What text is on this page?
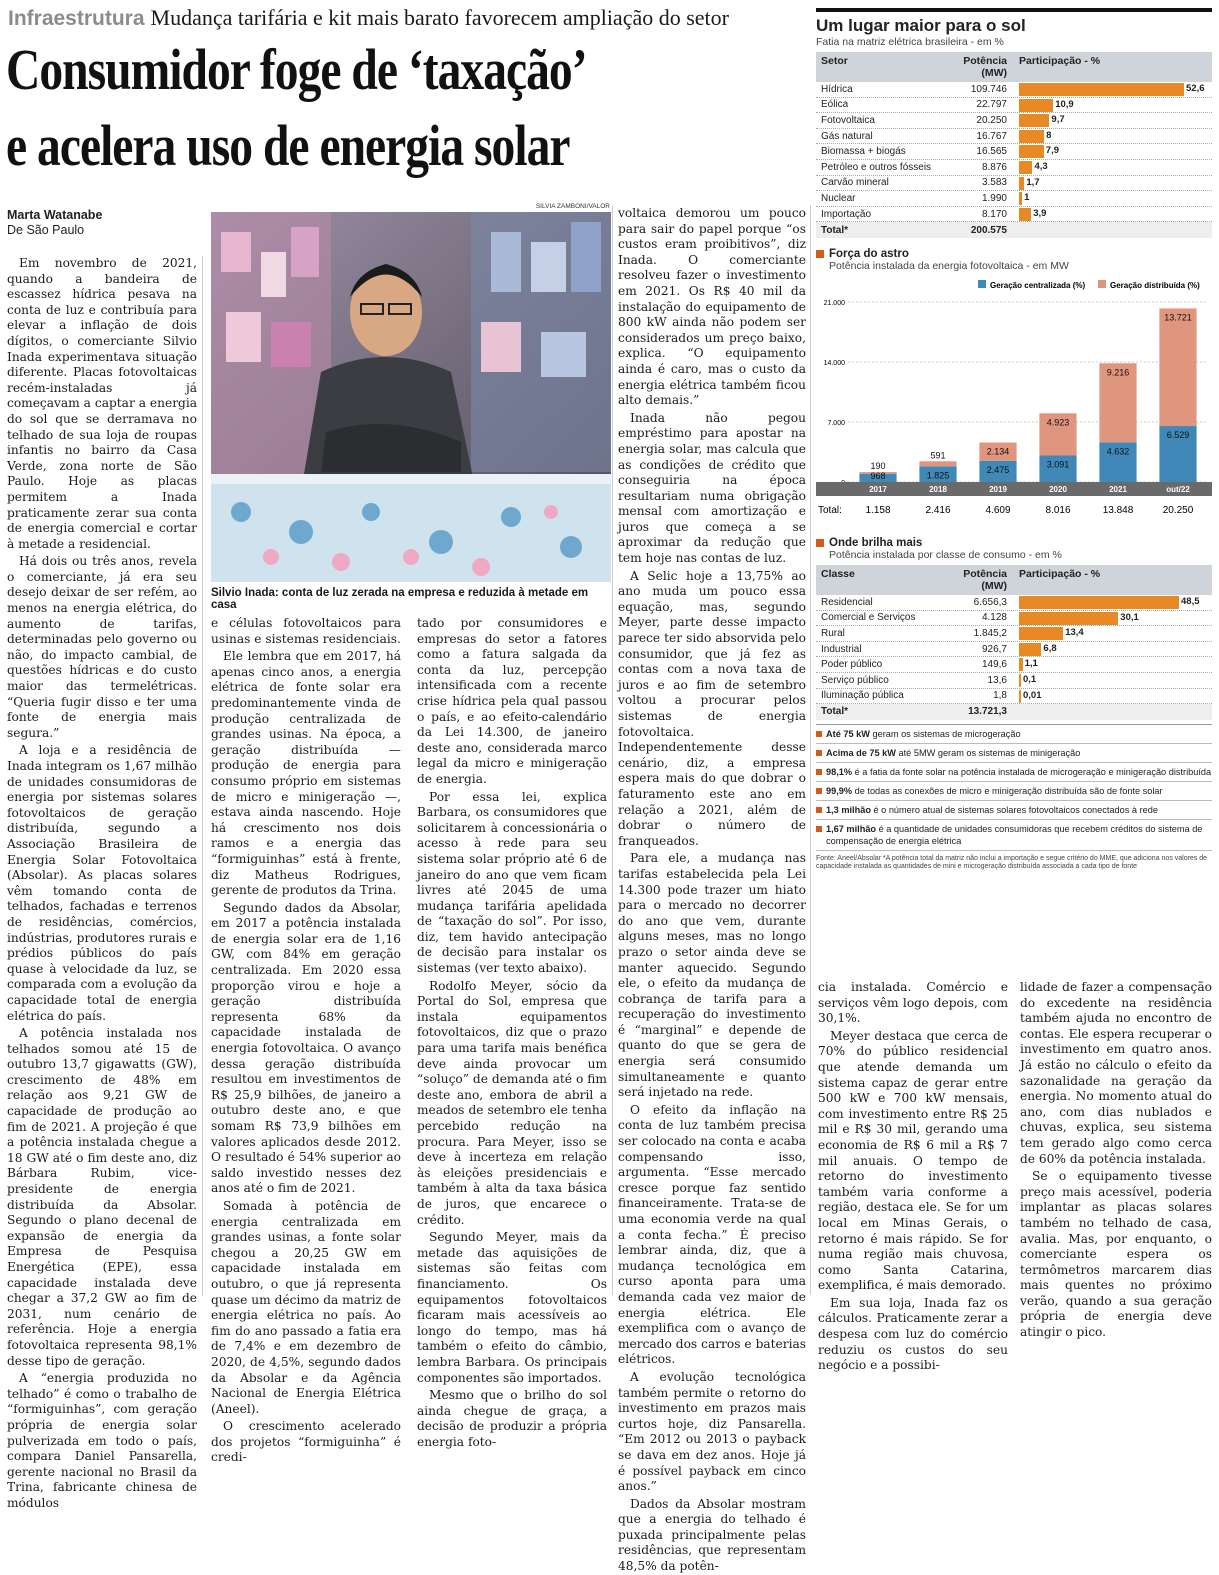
Infraestrutura Mudança tarifária e kit mais barato favorecem ampliação do setor
Consumidor foge de ‘taxação’
e acelera uso de energia solar
Marta Watanabe
De São Paulo
SILVIA ZAMBONI/VALOR
Silvio Inada: conta de luz zerada na empresa e reduzida à metade em casa

Em novembro de 2021, quando a bandeira de escassez hídrica pesava na conta de luz e contribuía para elevar a inflação de dois dígitos, o comerciante Silvio Inada experimentava situação diferente. Placas fotovoltaicas recém-instaladas já começavam a captar a energia do sol que se derramava no telhado de sua loja de roupas infantis no bairro da Casa Verde, zona norte de São Paulo. Hoje as placas permitem a Inada praticamente zerar sua conta de energia comercial e cortar à metade a residencial.

Há dois ou três anos, revela o comerciante, já era seu desejo deixar de ser refém, ao menos na energia elétrica, do aumento de tarifas, determinadas pelo governo ou não, do impacto cambial, de questões hídricas e do custo maior das termelétricas. “Queria fugir disso e ter uma fonte de energia mais segura.”

A loja e a residência de Inada integram os 1,67 milhão de unidades consumidoras de energia por sistemas solares fotovoltaicos de geração distribuída, segundo a Associação Brasileira de Energia Solar Fotovoltaica (Absolar). As placas solares vêm tomando conta de telhados, fachadas e terrenos de residências, comércios, indústrias, produtores rurais e prédios públicos do país quase à velocidade da luz, se comparada com a evolução da capacidade total de energia elétrica do país.

A potência instalada nos telhados somou até 15 de outubro 13,7 gigawatts (GW), crescimento de 48% em relação aos 9,21 GW de capacidade de produção ao fim de 2021. A projeção é que a potência instalada chegue a 18 GW até o fim deste ano, diz Bárbara Rubim, vice-presidente de energia distribuída da Absolar. Segundo o plano decenal de expansão de energia da Empresa de Pesquisa Energética (EPE), essa capacidade instalada deve chegar a 37,2 GW ao fim de 2031, num cenário de referência. Hoje a energia fotovoltaica representa 98,1% desse tipo de geração.

A “energia produzida no telhado” é como o trabalho de “formiguinhas”, com geração própria de energia solar pulverizada em todo o país, compara Daniel Pansarella, gerente nacional no Brasil da Trina, fabricante chinesa de módulos

e células fotovoltaicos para usinas e sistemas residenciais.

Ele lembra que em 2017, há apenas cinco anos, a energia elétrica de fonte solar era predominantemente vinda de produção centralizada de grandes usinas. Na época, a geração distribuída — produção de energia para consumo próprio em sistemas de micro e minigeração —, estava ainda nascendo. Hoje há crescimento nos dois ramos e a energia das “formiguinhas” está à frente, diz Matheus Rodrigues, gerente de produtos da Trina.

Segundo dados da Absolar, em 2017 a potência instalada de energia solar era de 1,16 GW, com 84% em geração centralizada. Em 2020 essa proporção virou e hoje a geração distribuída representa 68% da capacidade instalada de energia fotovoltaica. O avanço dessa geração distribuída resultou em investimentos de R$ 25,9 bilhões, de janeiro a outubro deste ano, e que somam R$ 73,9 bilhões em valores aplicados desde 2012. O resultado é 54% superior ao saldo investido nesses dez anos até o fim de 2021.

Somada à potência de energia centralizada em grandes usinas, a fonte solar chegou a 20,25 GW em capacidade instalada em outubro, o que já representa quase um décimo da matriz de energia elétrica no país. Ao fim do ano passado a fatia era de 7,4% e em dezembro de 2020, de 4,5%, segundo dados da Absolar e da Agência Nacional de Energia Elétrica (Aneel).

O crescimento acelerado dos projetos “formiguinha” é credi-

tado por consumidores e empresas do setor a fatores como a fatura salgada da conta da luz, percepção intensificada com a recente crise hídrica pela qual passou o país, e ao efeito-calendário da Lei 14.300, de janeiro deste ano, considerada marco legal da micro e minigeração de energia.

Por essa lei, explica Barbara, os consumidores que solicitarem à concessionária o acesso à rede para seu sistema solar próprio até 6 de janeiro do ano que vem ficam livres até 2045 de uma mudança tarifária apelidada de “taxação do sol”. Por isso, diz, tem havido antecipação de decisão para instalar os sistemas (ver texto abaixo).

Rodolfo Meyer, sócio da Portal do Sol, empresa que instala equipamentos fotovoltaicos, diz que o prazo para uma tarifa mais benéfica deve ainda provocar um “soluço” de demanda até o fim deste ano, embora de abril a meados de setembro ele tenha percebido redução na procura. Para Meyer, isso se deve à incerteza em relação às eleições presidenciais e também à alta da taxa básica de juros, que encarece o crédito.

Segundo Meyer, mais da metade das aquisições de sistemas são feitas com financiamento. Os equipamentos fotovoltaicos ficaram mais acessíveis ao longo do tempo, mas há também o efeito do câmbio, lembra Barbara. Os principais componentes são importados.

Mesmo que o brilho do sol ainda chegue de graça, a decisão de produzir a própria energia foto-

voltaica demorou um pouco para sair do papel porque “os custos eram proibitivos”, diz Inada. O comerciante resolveu fazer o investimento em 2021. Os R$ 40 mil da instalação do equipamento de 800 kW ainda não podem ser considerados um preço baixo, explica. “O equipamento ainda é caro, mas o custo da energia elétrica também ficou alto demais.”

Inada não pegou empréstimo para apostar na energia solar, mas calcula que as condições de crédito que conseguiria na época resultariam numa obrigação mensal com amortização e juros que começa a se aproximar da redução que tem hoje nas contas de luz.

A Selic hoje a 13,75% ao ano muda um pouco essa equação, mas, segundo Meyer, parte desse impacto parece ter sido absorvida pelo consumidor, que já fez as contas com a nova taxa de juros e ao fim de setembro voltou a procurar pelos sistemas de energia fotovoltaica. Independentemente desse cenário, diz, a empresa espera mais do que dobrar o faturamento este ano em relação a 2021, além de dobrar o número de franqueados.

Para ele, a mudança nas tarifas estabelecida pela Lei 14.300 pode trazer um hiato para o mercado no decorrer do ano que vem, durante alguns meses, mas no longo prazo o setor ainda deve se manter aquecido. Segundo ele, o efeito da mudança de cobrança de tarifa para a recuperação do investimento é “marginal” e depende de quanto do que se gera de energia será consumido simultaneamente e quanto será injetado na rede.

O efeito da inflação na conta de luz também precisa ser colocado na conta e acaba compensando isso, argumenta. “Esse mercado cresce porque faz sentido financeiramente. Trata-se de uma economia verde na qual a conta fecha.” É preciso lembrar ainda, diz, que a mudança tecnológica em curso aponta para uma demanda cada vez maior de energia elétrica. Ele exemplifica com o avanço de mercado dos carros e baterias elétricos.

A evolução tecnológica também permite o retorno do investimento em prazos mais curtos hoje, diz Pansarella. “Em 2012 ou 2013 o payback se dava em dez anos. Hoje já é possível payback em cinco anos.”

Dados da Absolar mostram que a energia do telhado é puxada principalmente pelas residências, que representam 48,5% da potên-

cia instalada. Comércio e serviços vêm logo depois, com 30,1%.

Meyer destaca que cerca de 70% do público residencial que atende demanda um sistema capaz de gerar entre 500 kW e 700 kW mensais, com investimento entre R$ 25 mil e R$ 30 mil, gerando uma economia de R$ 6 mil a R$ 7 mil anuais. O tempo de retorno do investimento também varia conforme a região, destaca ele. Se for um local em Minas Gerais, o retorno é mais rápido. Se for numa região mais chuvosa, como Santa Catarina, exemplifica, é mais demorado.

Em sua loja, Inada faz os cálculos. Praticamente zerar a despesa com luz do comércio reduziu os custos do seu negócio e a possibi-

lidade de fazer a compensação do excedente na residência também ajuda no encontro de contas. Ele espera recuperar o investimento em quatro anos. Já estão no cálculo o efeito da sazonalidade na geração da energia. No momento atual do ano, com dias nublados e chuvas, explica, seu sistema tem gerado algo como cerca de 60% da potência instalada.

Se o equipamento tivesse preço mais acessível, poderia implantar as placas solares também no telhado de casa, avalia. Mas, por enquanto, o comerciante espera os termômetros marcarem dias mais quentes no próximo verão, quando a sua geração própria de energia deve atingir o pico.

Um lugar maior para o sol
Fatia na matriz elétrica brasileira - em %
Setor	Potência (MW)
Participação - %
Hídrica	109.746	52,6
Eólica	22.797	10,9
Fotovoltaica	20.250	9,7
Gás natural	16.767	8
Biomassa + biogás	16.565	7,9
Petróleo e outros fósseis	8.876	4,3
Carvão mineral	3.583 1,7
Nuclear	1.990 1
Importação	8.170	3,9
Total*	200.575
Força do astro
Potência instalada da energia fotovoltaica - em MW
Geração centralizada (%)	Geração distribuída (%)
7.000
14.000
21.000
968
190
2017
1.158
1.825
591
2018
2.416
2.475
2.134
2019
4.609
3.091
4.923
2020
8.016
4.632
9.216
2021
13.848
6.529
13.721
out/22
20.250
Total:
Onde brilha mais
Potência instalada por classe de consumo - em %
Classe	Potência (MW)
Participação - %
Residencial	6.656,3	48,5
Comercial e Serviços	4.128	30,1
Rural	1.845,2	13,4
Industrial	926,7	6,8
Poder público	149,6 1,1
Serviço público	13,6 0,1
Iluminação pública	1,8 0,01
Total*	13.721,3
Até 75 kW geram os sistemas de microgeração
Acima de 75 kW até 5MW geram os sistemas de minigeração
98,1% é a fatia da fonte solar na potência instalada de microgeração e minigeração distribuída
99,9% de todas as conexões de micro e minigeração distribuída são de fonte solar
1,3 milhão é o número atual de sistemas solares fotovoltaicos conectados à rede
1,67 milhão é a quantidade de unidades consumidoras que recebem créditos do sistema de compensação de energia elétrica
Fonte: Aneel/Absolar *A potência total da matriz não inclui a importação e segue critério do MME, que adiciona nos valores de capacidade instalada as quantidades de mini e microgeração distribuída associada a cada tipo de fonte
